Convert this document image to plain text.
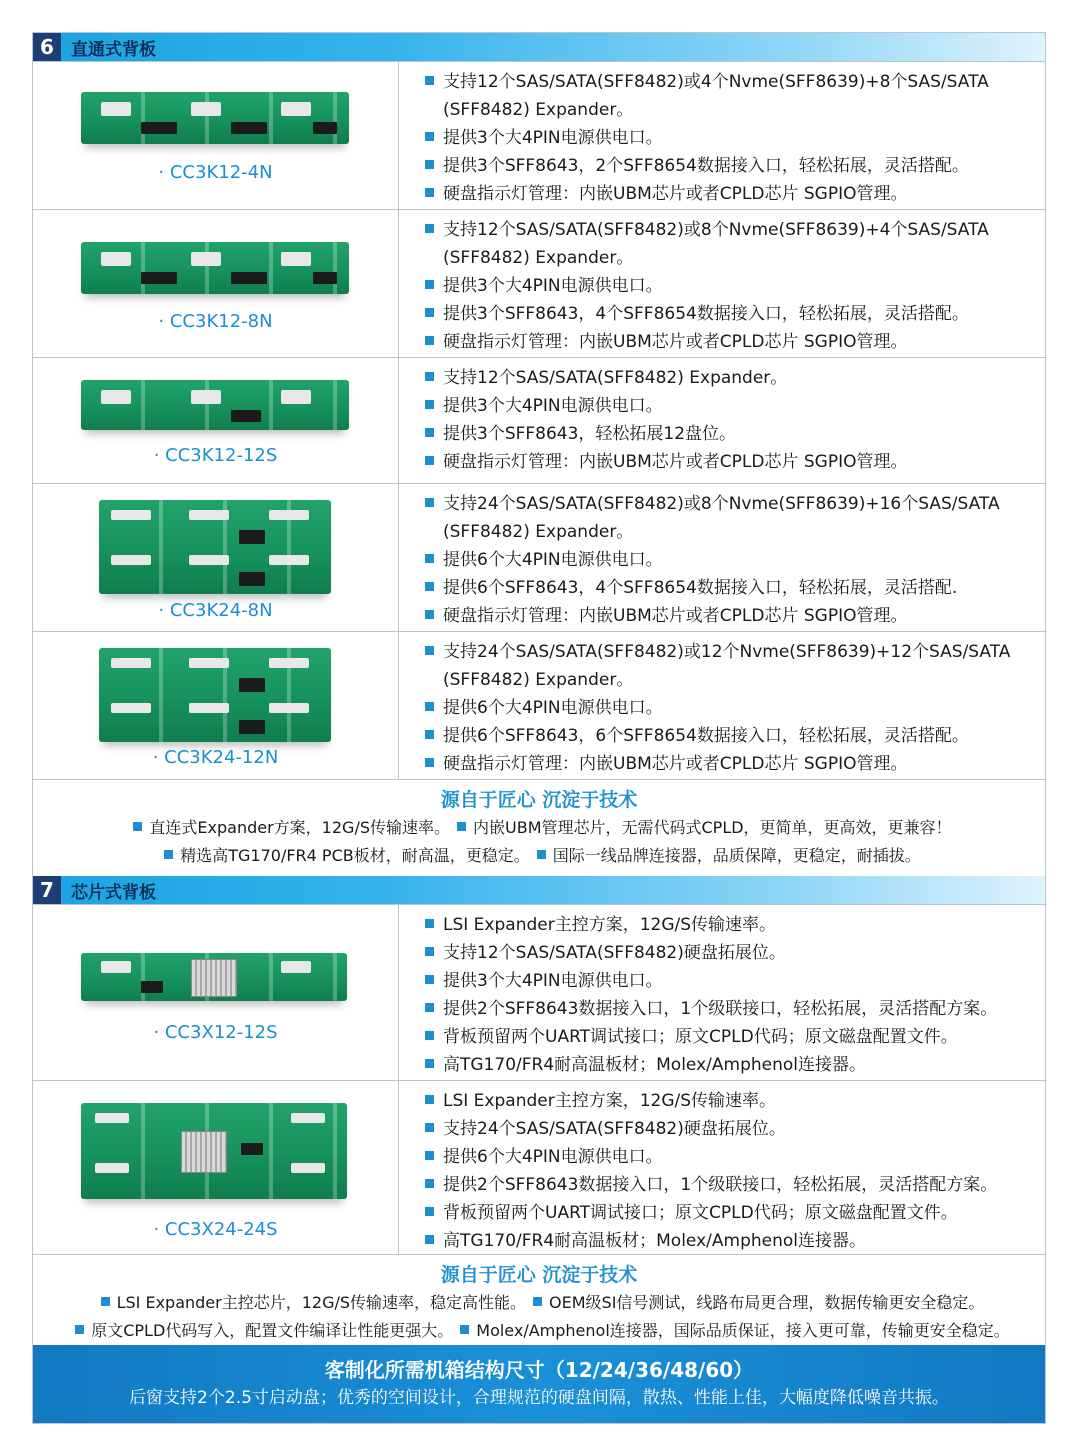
6	直通式背板
· CC3K12-4N
支持12个SAS/SATA(SFF8482)或4个Nvme(SFF8639)+8个SAS/SATA
(SFF8482) Expander。
提供3个大4PIN电源供电口。
提供3个SFF8643，2个SFF8654数据接入口，轻松拓展，灵活搭配。
硬盘指示灯管理：内嵌UBM芯片或者CPLD芯片 SGPIO管理。
· CC3K12-8N
支持12个SAS/SATA(SFF8482)或8个Nvme(SFF8639)+4个SAS/SATA
(SFF8482) Expander。
提供3个大4PIN电源供电口。
提供3个SFF8643，4个SFF8654数据接入口，轻松拓展，灵活搭配。
硬盘指示灯管理：内嵌UBM芯片或者CPLD芯片 SGPIO管理。
· CC3K12-12S
支持12个SAS/SATA(SFF8482) Expander。
提供3个大4PIN电源供电口。
提供3个SFF8643，轻松拓展12盘位。
硬盘指示灯管理：内嵌UBM芯片或者CPLD芯片 SGPIO管理。
· CC3K24-8N
支持24个SAS/SATA(SFF8482)或8个Nvme(SFF8639)+16个SAS/SATA
(SFF8482) Expander。
提供6个大4PIN电源供电口。
提供6个SFF8643，4个SFF8654数据接入口，轻松拓展，灵活搭配.
硬盘指示灯管理：内嵌UBM芯片或者CPLD芯片 SGPIO管理。
· CC3K24-12N
支持24个SAS/SATA(SFF8482)或12个Nvme(SFF8639)+12个SAS/SATA
(SFF8482) Expander。
提供6个大4PIN电源供电口。
提供6个SFF8643，6个SFF8654数据接入口，轻松拓展，灵活搭配。
硬盘指示灯管理：内嵌UBM芯片或者CPLD芯片 SGPIO管理。
源自于匠心 沉淀于技术
直连式Expander方案，12G/S传输速率。 内嵌UBM管理芯片，无需代码式CPLD，更简单，更高效，更兼容！
精选高TG170/FR4 PCB板材，耐高温，更稳定。 国际一线品牌连接器，品质保障，更稳定，耐插拔。
7	芯片式背板
· CC3X12-12S
LSI Expander主控方案，12G/S传输速率。
支持12个SAS/SATA(SFF8482)硬盘拓展位。
提供3个大4PIN电源供电口。
提供2个SFF8643数据接入口，1个级联接口，轻松拓展，灵活搭配方案。
背板预留两个UART调试接口；原文CPLD代码；原文磁盘配置文件。
高TG170/FR4耐高温板材；Molex/Amphenol连接器。
· CC3X24-24S
LSI Expander主控方案，12G/S传输速率。
支持24个SAS/SATA(SFF8482)硬盘拓展位。
提供6个大4PIN电源供电口。
提供2个SFF8643数据接入口，1个级联接口，轻松拓展，灵活搭配方案。
背板预留两个UART调试接口；原文CPLD代码；原文磁盘配置文件。
高TG170/FR4耐高温板材；Molex/Amphenol连接器。
源自于匠心 沉淀于技术
LSI Expander主控芯片，12G/S传输速率，稳定高性能。 OEM级SI信号测试，线路布局更合理，数据传输更安全稳定。
原文CPLD代码写入，配置文件编译让性能更强大。 Molex/Amphenol连接器，国际品质保证，接入更可靠，传输更安全稳定。
客制化所需机箱结构尺寸（12/24/36/48/60）
后窗支持2个2.5寸启动盘；优秀的空间设计，合理规范的硬盘间隔，散热、性能上佳，大幅度降低噪音共振。
